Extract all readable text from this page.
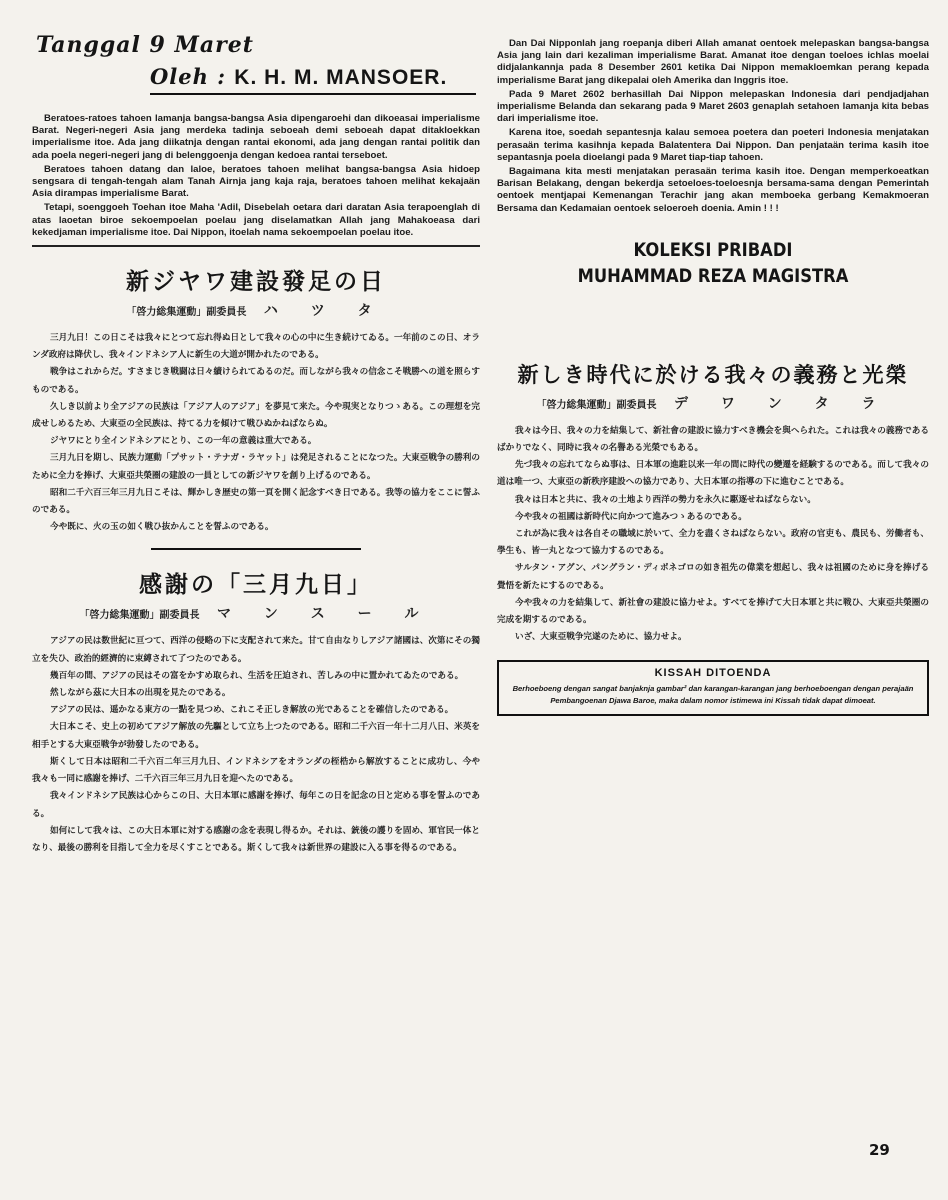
Tanggal 9 Maret
Oleh : K. H. M. MANSOER.

Beratoes-ratoes tahoen lamanja bangsa-bangsa Asia dipengaroehi dan dikoeasai imperialisme Barat. Negeri-negeri Asia jang merdeka tadinja seboeah demi seboeah dapat ditakloekkan imperialisme itoe. Ada jang diikatnja dengan rantai ekonomi, ada jang dengan rantai politik dan ada poela negeri-negeri jang di belenggoenja dengan kedoea rantai terseboet.

Beratoes tahoen datang dan laloe, beratoes tahoen melihat bangsa-bangsa Asia hidoep sengsara di tengah-tengah alam Tanah Airnja jang kaja raja, beratoes tahoen melihat kekajaän Asia dirampas imperialisme Barat.

Tetapi, soenggoeh Toehan itoe Maha 'Adil, Disebelah oetara dari daratan Asia terapoenglah di atas laoetan biroe sekoempoelan poelau jang diselamatkan Allah jang Mahakoeasa dari kekedjaman imperialisme itoe. Dai Nippon, itoelah nama sekoempoelan poelau itoe.

新ジヤワ建設發足の日
「啓力総集運動」副委員長 ハ ツ タ

三月九日！この日こそは我々にとつて忘れ得ぬ日として我々の心の中に生き続けてゐる。一年前のこの日、オランダ政府は降伏し、我々インドネシア人に新生の大道が開かれたのである。

戦争はこれからだ。すさまじき戦闘は日々續けられてゐるのだ。而しながら我々の信念こそ戦勝への道を照らすものである。

久しき以前より全アジアの民族は「アジア人のアジア」を夢見て来た。今や現実となりつゝある。この理想を完成せしめるため、大東亞の全民族は、持てる力を傾けて戦ひぬかねばならぬ。

ジヤワにとり全インドネシアにとり、この一年の意義は重大である。

三月九日を期し、民族力運動「プサット・テナガ・ラヤット」は発足されることになつた。大東亞戦争の勝利のために全力を捧げ、大東亞共榮圏の建設の一員としての新ジヤワを創り上げるのである。

昭和二千六百三年三月九日こそは、輝かしき歴史の第一頁を開く記念すべき日である。我等の協力をここに誓ふのである。

今や既に、火の玉の如く戦ひ抜かんことを誓ふのである。

感謝の「三月九日」
「啓力総集運動」副委員長 マ ン ス ー ル

アジアの民は数世紀に亘つて、西洋の侵略の下に支配されて来た。甘て自由なりしアジア諸國は、次第にその獨立を失ひ、政治的經濟的に束縛されて了つたのである。

幾百年の間、アジアの民はその富をかすめ取られ、生活を圧迫され、苦しみの中に置かれてゐたのである。

然しながら茲に大日本の出現を見たのである。

アジアの民は、遥かなる東方の一點を見つめ、これこそ正しき解放の光であることを確信したのである。

大日本こそ、史上の初めてアジア解放の先驅として立ち上つたのである。昭和二千六百一年十二月八日、米英を相手とする大東亞戦争が勃發したのである。

斯くして日本は昭和二千六百二年三月九日、インドネシアをオランダの桎梏から解放することに成功し、今や我々も一同に感謝を捧げ、二千六百三年三月九日を迎へたのである。

我々インドネシア民族は心からこの日、大日本軍に感謝を捧げ、毎年この日を記念の日と定める事を誓ふのである。

如何にして我々は、この大日本軍に対する感謝の念を表現し得るか。それは、銃後の護りを固め、軍官民一体となり、最後の勝利を目指して全力を尽くすことである。斯くして我々は新世界の建設に入る事を得るのである。

Dan Dai Nipponlah jang roepanja diberi Allah amanat oentoek melepaskan bangsa-bangsa Asia jang lain dari kezaliman imperialisme Barat. Amanat itoe dengan toeloes ichlas moelai didjalankannja pada 8 Desember 2601 ketika Dai Nippon memakloemkan perang kepada imperialisme Barat jang dikepalai oleh Amerika dan Inggris itoe.

Pada 9 Maret 2602 berhasillah Dai Nippon melepaskan Indonesia dari pendjadjahan imperialisme Belanda dan sekarang pada 9 Maret 2603 genaplah setahoen lamanja kita bebas dari imperialisme itoe.

Karena itoe, soedah sepantesnja kalau semoea poetera dan poeteri Indonesia menjatakan perasaän terima kasihnja kepada Balatentera Dai Nippon. Dan penjataän terima kasih itoe sepantasnja poela dioelangi pada 9 Maret tiap-tiap tahoen.

Bagaimana kita mesti menjatakan perasaän terima kasih itoe. Dengan memperkoeatkan Barisan Belakang, dengan bekerdja setoeloes-toeloesnja bersama-sama dengan Pemerintah oentoek mentjapai Kemenangan Terachir jang akan memboeka gerbang Kemakmoeran Bersama dan Kedamaian oentoek seloeroeh doenia. Amin ! ! !

KOLEKSI PRIBADI
MUHAMMAD REZA MAGISTRA
新しき時代に於ける我々の義務と光榮
「啓力総集運動」副委員長 デ ワ ン タ ラ

我々は今日、我々の力を結集して、新社會の建設に協力すべき機会を與へられた。これは我々の義務であるばかりでなく、同時に我々の名譽ある光榮でもある。

先づ我々の忘れてならぬ事は、日本軍の進駐以来一年の間に時代の變遷を経験するのである。而して我々の道は唯一つ、大東亞の新秩序建設への協力であり、大日本軍の指導の下に進むことである。

我々は日本と共に、我々の土地より西洋の勢力を永久に駆逐せねばならない。

今や我々の祖國は新時代に向かつて進みつゝあるのである。

これが為に我々は各自その職域に於いて、全力を盡くさねばならない。政府の官吏も、農民も、労働者も、學生も、皆一丸となつて協力するのである。

サルタン・アグン、パングラン・ディポネゴロの如き祖先の偉業を想起し、我々は祖國のために身を捧げる覺悟を新たにするのである。

今や我々の力を結集して、新社會の建設に協力せよ。すべてを捧げて大日本軍と共に戦ひ、大東亞共榮圏の完成を期するのである。

いざ、大東亞戦争完遂のために、協力せよ。

KISSAH DITOENDA
Berhoeboeng dengan sangat banjaknja gambar² dan karangan-karangan jang berhoeboengan dengan perajaän Pembangoenan Djawa Baroe, maka dalam nomor istimewa ini Kissah tidak dapat dimoeat.
29
